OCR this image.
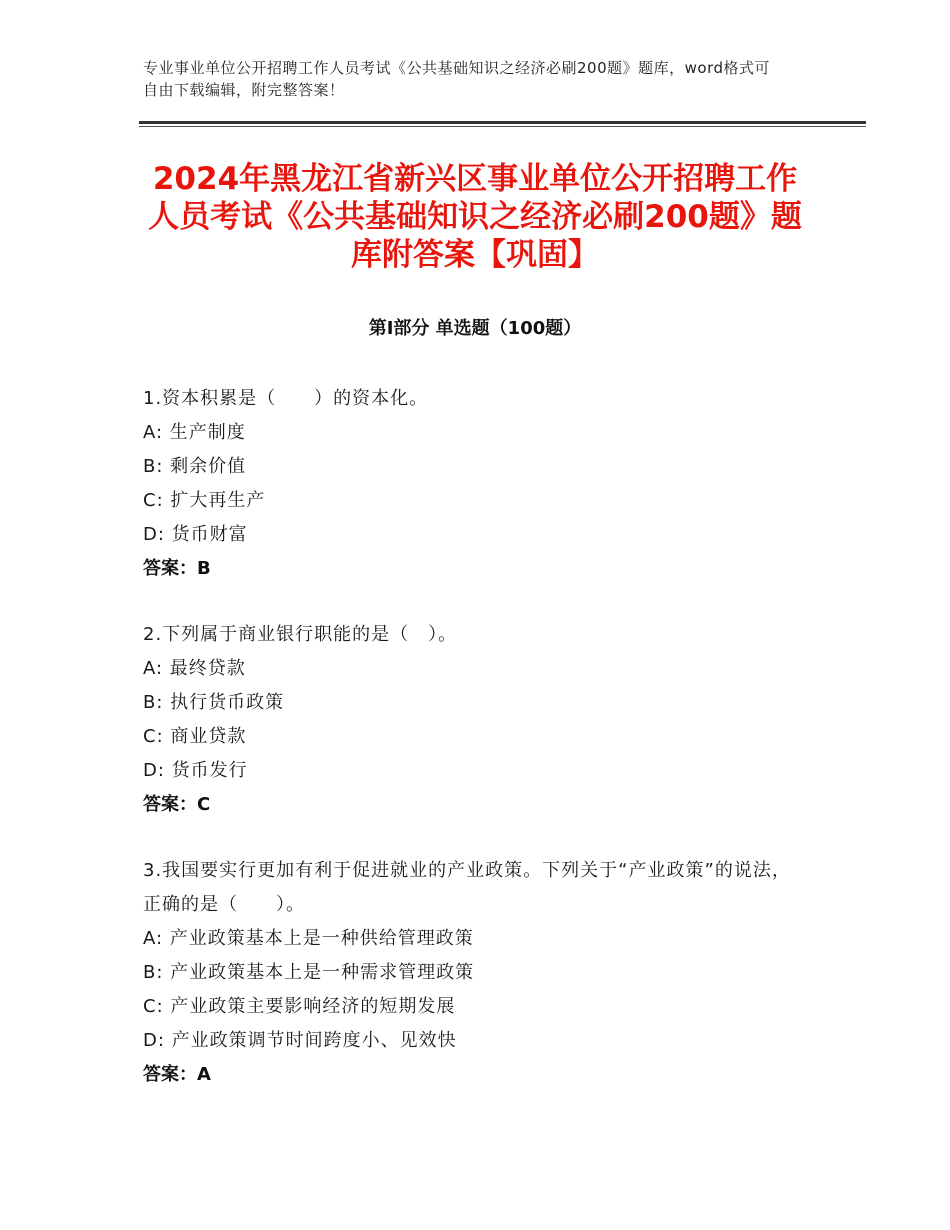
专业事业单位公开招聘工作人员考试《公共基础知识之经济必刷200题》题库，word格式可自由下载编辑，附完整答案！
2024年黑龙江省新兴区事业单位公开招聘工作人员考试《公共基础知识之经济必刷200题》题库附答案【巩固】
第Ⅰ部分 单选题（100题）
1.资本积累是（　　）的资本化。
A: 生产制度
B: 剩余价值
C: 扩大再生产
D: 货币财富
答案：B
2.下列属于商业银行职能的是（　）。
A: 最终贷款
B: 执行货币政策
C: 商业贷款
D: 货币发行
答案：C
3.我国要实行更加有利于促进就业的产业政策。下列关于“产业政策”的说法，正确的是（　　）。
A: 产业政策基本上是一种供给管理政策
B: 产业政策基本上是一种需求管理政策
C: 产业政策主要影响经济的短期发展
D: 产业政策调节时间跨度小、见效快
答案：A
